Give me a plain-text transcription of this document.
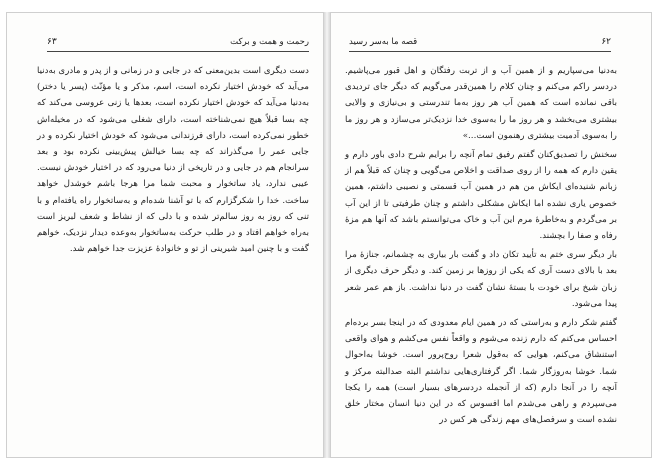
رحمت و همت و برکت
۶۳

دست دیگری است بدین‌معنی که در جایی و در زمانی و از پدر و مادری به‌دنیا می‌آید که خودش اختیار نکرده است، اسم، مذکر و یا مؤنّث (پسر یا دختر) به‌دنیا می‌آید که خودش اختیار نکرده است، بعدها یا زنی عروسی می‌کند که چه بسا قبلاً هیچ نمی‌شناخته است، دارای شغلی می‌شود که در مخیله‌اش خطور نمی‌کرده است، دارای فرزندانی می‌شود که خودش اختیار نکرده و در جایی عمر را می‌گذراند که چه بسا خیالش پیش‌بینی نکرده بود و بعد سرانجام هم در جایی و در تاریخی از دنیا می‌رود که در اختیار خودش نیست. عیبی ندارد، یاد ساتخوار و محبت شما مرا هرجا باشم خوشدل خواهد ساخت. خدا را شکرگزارم که با تو آشنا شده‌ام و به‌ساتخوار راه یافته‌ام و با تنی که روز به روز سالم‌تر شده و با دلی که از نشاط و شعف لبریز است به‌راه خواهم افتاد و در طلب حرکت به‌ساتخوار به‌وعده دیدار نزدیک، خواهم گفت و با چنین امید شیرینی از تو و خانوادهٔ عزیزت جدا خواهم شد.

۶۲
قصه ما به‌سر رسید

به‌دنیا می‌سپاریم و از همین آب و از تربت رفتگان و اهل قبور می‌پاشیم. دردسر راکم می‌کنم و چنان کلام را همین‌قدر می‌گویم که دیگر جای تردیدی باقی نمانده است که همین آب هر روز به‌ما تندرستی و بی‌نیازی و والایی بیشتری می‌بخشد و هر روز ما را به‌سوی خدا نزدیک‌تر می‌سازد و هر روز ما را به‌سوی آدمیت بیشتری رهنمون است...»

سخنش را تصدیق‌کنان گفتم رفیق تمام آنچه را برایم شرح دادی باور دارم و یقین دارم که همه را از روی صداقت و اخلاص می‌گویی و چنان که قبلاً هم از زبانم شنیده‌ای ایکاش من هم در همین آب قسمتی و نصیبی داشتم، همین خصوص یاری نشده اما ایکاش مشکلی داشتم و چنان طرفیتی تا از این آب بر می‌گردم و به‌خاطرهٔ مرم این آب و خاک می‌توانستم باشد که آنها هم مزهٔ رفاه و صفا را بچشند.

بار دیگر سری ختم به تأیید تکان داد و گفت بار بیاری به چشمانم، جنازهٔ مرا بعد با بالای دست آری که یکی از روزها بر زمین کند. و دیگر حرف دیگری از زبان شیخ برای خودت با بستهٔ نشان گفت در دنیا نداشت. باز هم عمر شعر پیدا می‌شود.

گفتم شکر دارم و به‌راستی که در همین ایام معدودی که در اینجا بسر برده‌ام احساس می‌کنم که دارم زنده می‌شوم و واقعاً نفس می‌کشم و هوای واقعی استنشاق می‌کنم، هوایی که به‌قول شعرا روح‌پرور است. خوشا به‌احوال شما. خوشا به‌روزگار شما. اگر گرفتاری‌هایی نداشتم البته صدالبته مرکز و آنچه را در آنجا دارم (که از آنجمله دردسرهای بسیار است) همه را یکجا می‌سپردم و راهی می‌شدم اما افسوس که در این دنیا انسان مختار خلق نشده است و سرفصل‌های مهم زندگی هر کس در
